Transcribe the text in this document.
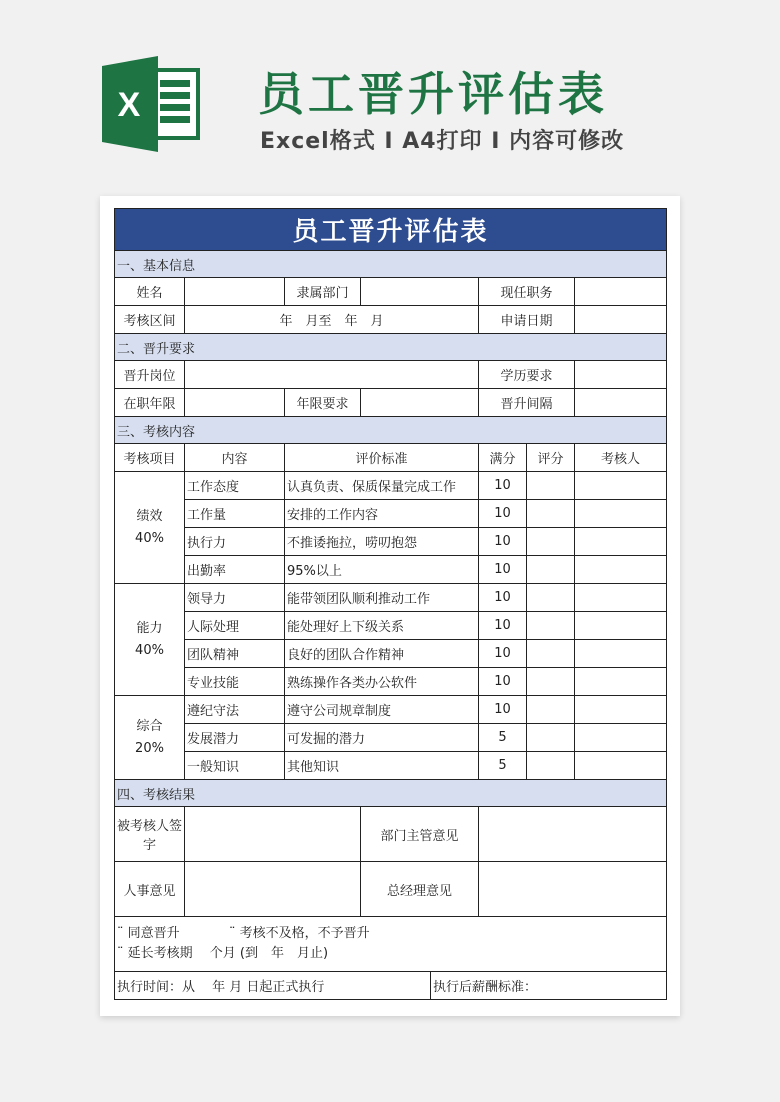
X	员工晋升评估表
Excel格式 I A4打印 I 内容可修改
员工晋升评估表						
一、基本信息						
姓名		隶属部门		现任职务		
考核区间	年　月至　年　月			申请日期		
二、晋升要求						
晋升岗位				学历要求		
在职年限		年限要求		晋升间隔		
三、考核内容						
考核项目	内容	评价标准		满分	评分	考核人
绩效
40%	工作态度	认真负责、保质保量完成工作		10		
	工作量	安排的工作内容		10		
	执行力	不推诿拖拉，唠叨抱怨		10		
	出勤率	95%以上		10		
能力
40%	领导力	能带领团队顺利推动工作		10		
	人际处理	能处理好上下级关系		10		
	团队精神	良好的团队合作精神		10		
	专业技能	熟练操作各类办公软件		10		
综合
20%	遵纪守法	遵守公司规章制度		10		
	发展潜力	可发掘的潜力		5		
	一般知识	其他知识		5		
四、考核结果						
被考核人签字			部门主管意见			
人事意见			总经理意见			
¨ 同意晋升 ¨ 考核不及格，不予晋升
¨ 延长考核期　 个月 (到　年　月止)						

执行时间：从　 年 月 日起正式执行 执行后薪酬标准：						
